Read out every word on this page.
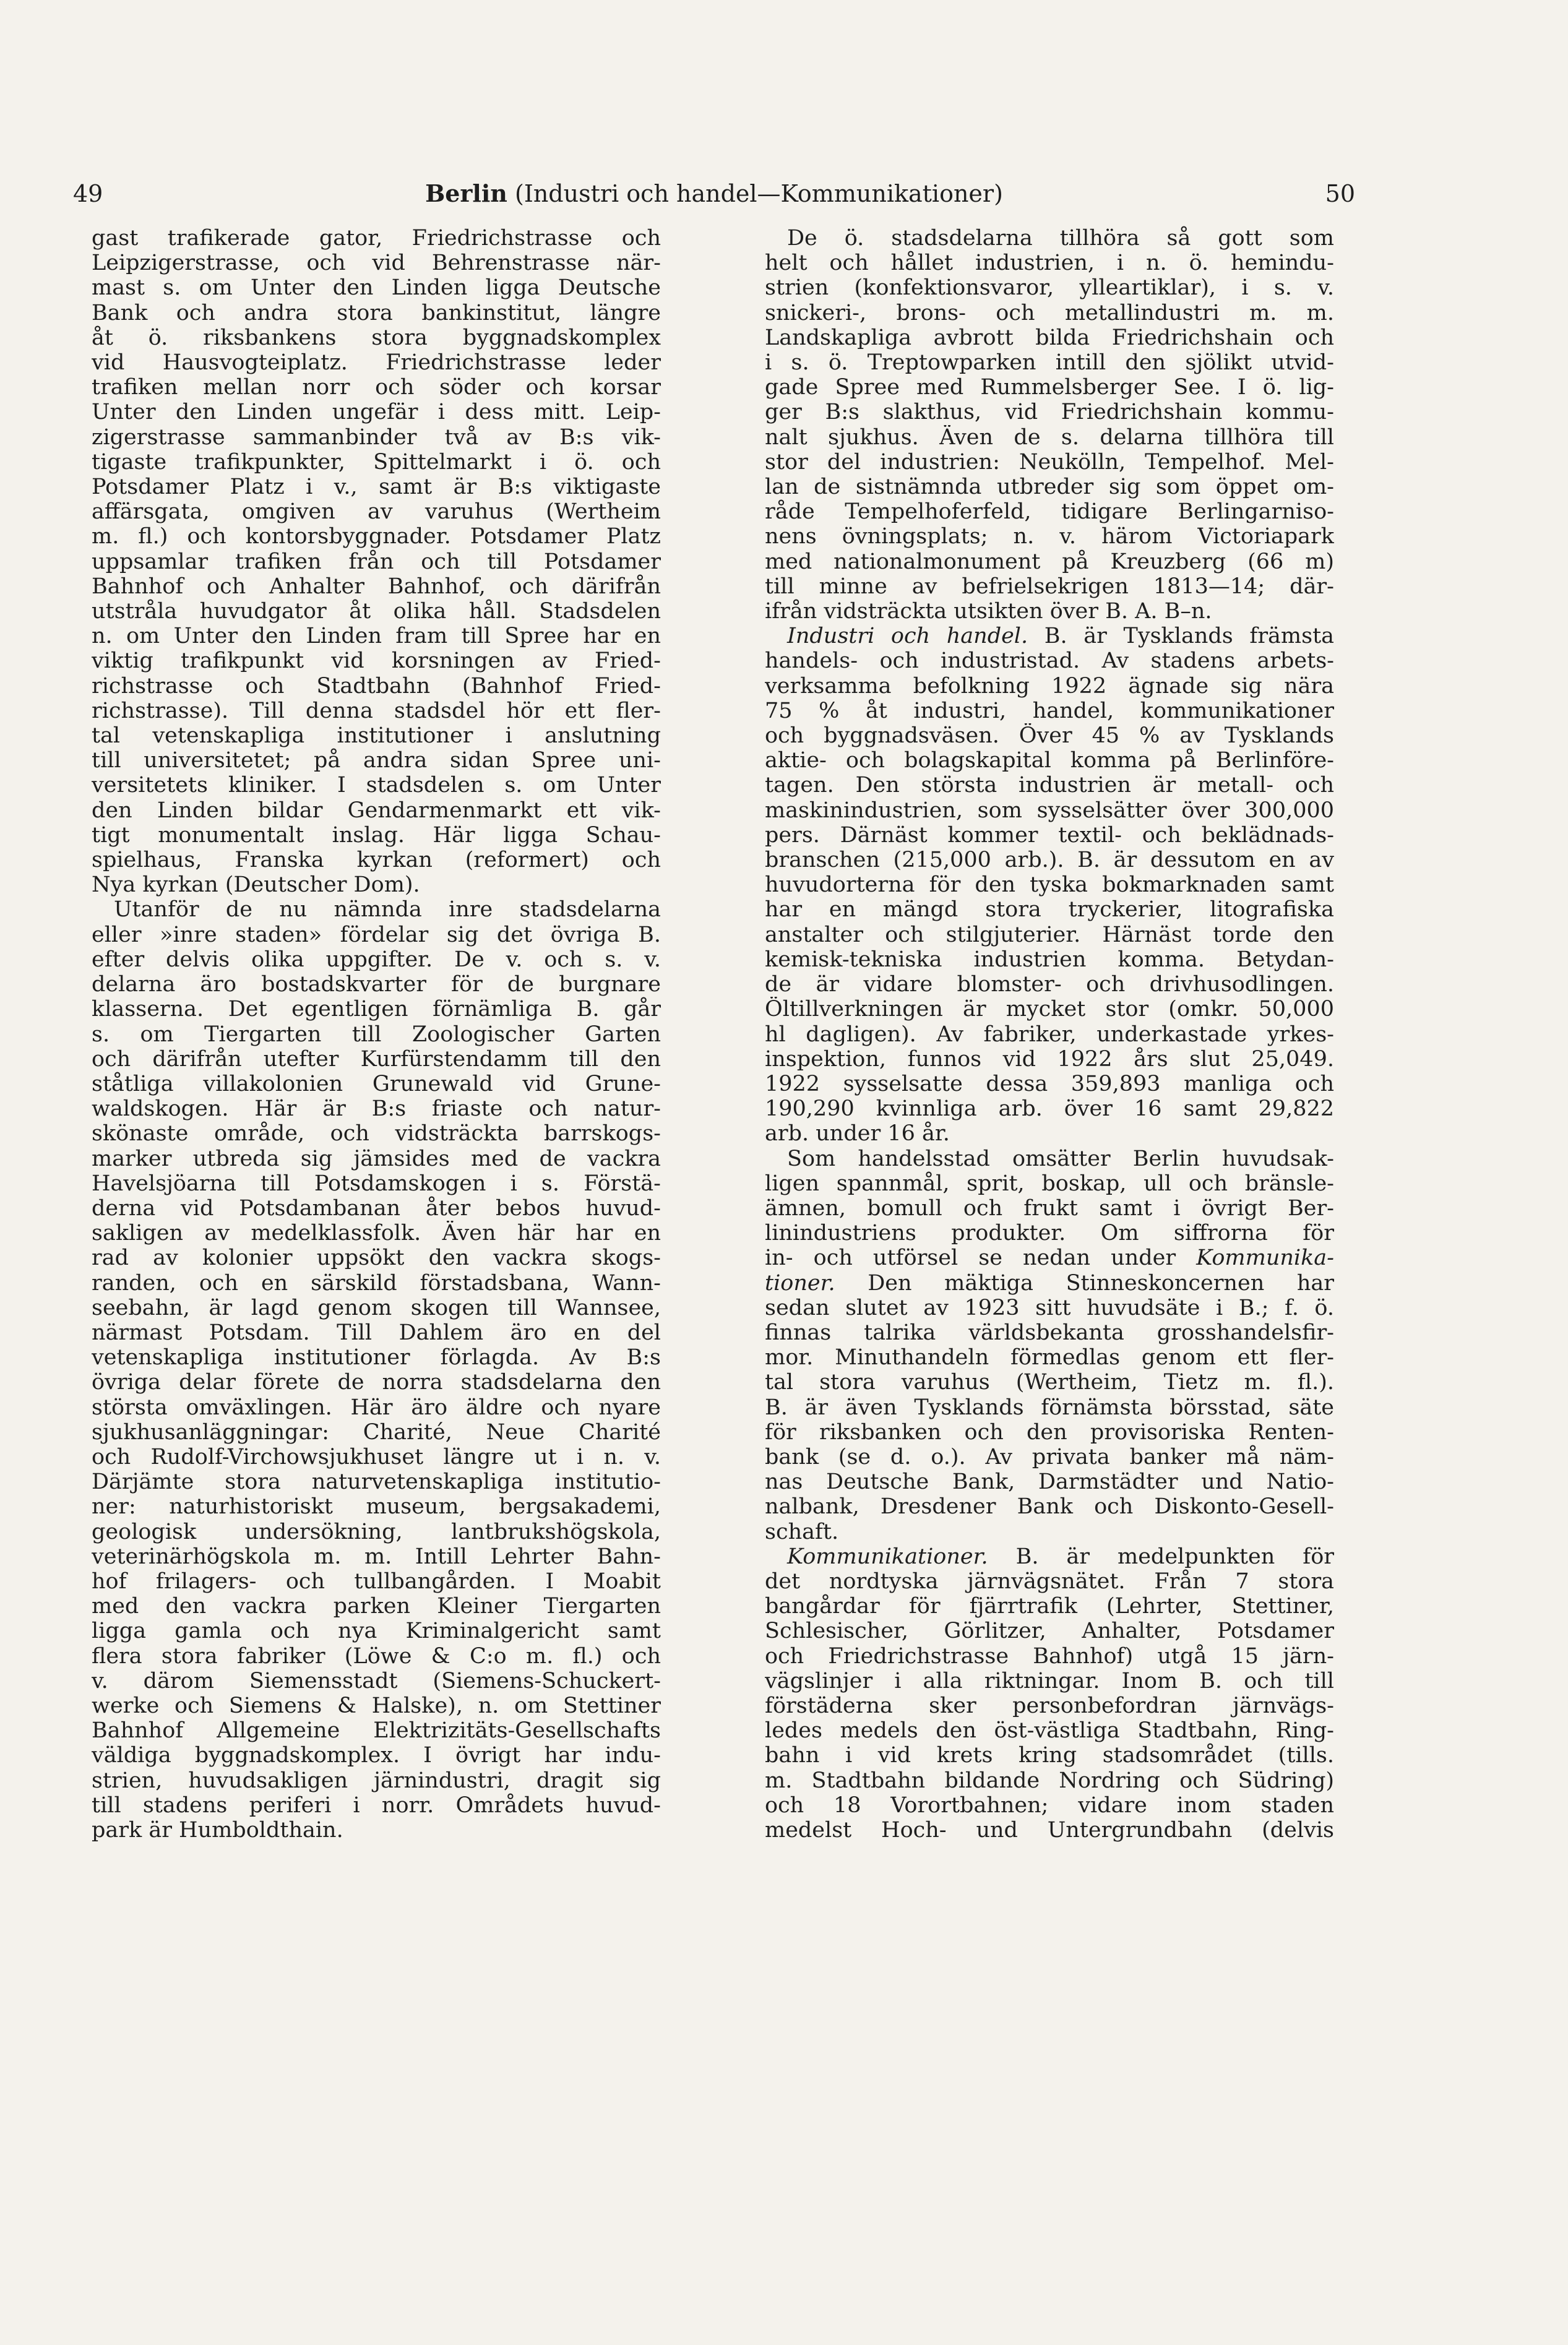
49	Berlin (Industri och handel—Kommunikationer)	50
gast trafikerade gator, Friedrichstrasse och
Leipzigerstrasse, och vid Behrenstrasse när-
mast s. om Unter den Linden ligga Deutsche
Bank och andra stora bankinstitut, längre
åt ö. riksbankens stora byggnadskomplex
vid Hausvogteiplatz. Friedrichstrasse leder
trafiken mellan norr och söder och korsar
Unter den Linden ungefär i dess mitt. Leip-
zigerstrasse sammanbinder två av B:s vik-
tigaste trafikpunkter, Spittelmarkt i ö. och
Potsdamer Platz i v., samt är B:s viktigaste
affärsgata, omgiven av varuhus (Wertheim
m. fl.) och kontorsbyggnader. Potsdamer Platz
uppsamlar trafiken från och till Potsdamer
Bahnhof och Anhalter Bahnhof, och därifrån
utstråla huvudgator åt olika håll. Stadsdelen
n. om Unter den Linden fram till Spree har en
viktig trafikpunkt vid korsningen av Fried-
richstrasse och Stadtbahn (Bahnhof Fried-
richstrasse). Till denna stadsdel hör ett fler-
tal vetenskapliga institutioner i anslutning
till universitetet; på andra sidan Spree uni-
versitetets kliniker. I stadsdelen s. om Unter
den Linden bildar Gendarmenmarkt ett vik-
tigt monumentalt inslag. Här ligga Schau-
spielhaus, Franska kyrkan (reformert) och
Nya kyrkan (Deutscher Dom).
Utanför de nu nämnda inre stadsdelarna
eller »inre staden» fördelar sig det övriga B.
efter delvis olika uppgifter. De v. och s. v.
delarna äro bostadskvarter för de burgnare
klasserna. Det egentligen förnämliga B. går
s. om Tiergarten till Zoologischer Garten
och därifrån utefter Kurfürstendamm till den
ståtliga villakolonien Grunewald vid Grune-
waldskogen. Här är B:s friaste och natur-
skönaste område, och vidsträckta barrskogs-
marker utbreda sig jämsides med de vackra
Havelsjöarna till Potsdamskogen i s. Förstä-
derna vid Potsdambanan åter bebos huvud-
sakligen av medelklassfolk. Även här har en
rad av kolonier uppsökt den vackra skogs-
randen, och en särskild förstadsbana, Wann-
seebahn, är lagd genom skogen till Wannsee,
närmast Potsdam. Till Dahlem äro en del
vetenskapliga institutioner förlagda. Av B:s
övriga delar förete de norra stadsdelarna den
största omväxlingen. Här äro äldre och nyare
sjukhusanläggningar: Charité, Neue Charité
och Rudolf-Virchowsjukhuset längre ut i n. v.
Därjämte stora naturvetenskapliga institutio-
ner: naturhistoriskt museum, bergsakademi,
geologisk undersökning, lantbrukshögskola,
veterinärhögskola m. m. Intill Lehrter Bahn-
hof frilagers- och tullbangården. I Moabit
med den vackra parken Kleiner Tiergarten
ligga gamla och nya Kriminalgericht samt
flera stora fabriker (Löwe & C:o m. fl.) och
v. därom Siemensstadt (Siemens-Schuckert-
werke och Siemens & Halske), n. om Stettiner
Bahnhof Allgemeine Elektrizitäts-Gesellschafts
väldiga byggnadskomplex. I övrigt har indu-
strien, huvudsakligen järnindustri, dragit sig
till stadens periferi i norr. Områdets huvud-
park är Humboldthain.
De ö. stadsdelarna tillhöra så gott som
helt och hållet industrien, i n. ö. hemindu-
strien (konfektionsvaror, ylleartiklar), i s. v.
snickeri-, brons- och metallindustri m. m.
Landskapliga avbrott bilda Friedrichshain och
i s. ö. Treptowparken intill den sjölikt utvid-
gade Spree med Rummelsberger See. I ö. lig-
ger B:s slakthus, vid Friedrichshain kommu-
nalt sjukhus. Även de s. delarna tillhöra till
stor del industrien: Neukölln, Tempelhof. Mel-
lan de sistnämnda utbreder sig som öppet om-
råde Tempelhoferfeld, tidigare Berlingarniso-
nens övningsplats; n. v. härom Victoriapark
med nationalmonument på Kreuzberg (66 m)
till minne av befrielsekrigen 1813—14; där-
ifrån vidsträckta utsikten över B. A. B–n.
Industri och handel. B. är Tysklands främsta
handels- och industristad. Av stadens arbets-
verksamma befolkning 1922 ägnade sig nära
75 % åt industri, handel, kommunikationer
och byggnadsväsen. Över 45 % av Tysklands
aktie- och bolagskapital komma på Berlinföre-
tagen. Den största industrien är metall- och
maskinindustrien, som sysselsätter över 300,000
pers. Därnäst kommer textil- och beklädnads-
branschen (215,000 arb.). B. är dessutom en av
huvudorterna för den tyska bokmarknaden samt
har en mängd stora tryckerier, litografiska
anstalter och stilgjuterier. Härnäst torde den
kemisk-tekniska industrien komma. Betydan-
de är vidare blomster- och drivhusodlingen.
Öltillverkningen är mycket stor (omkr. 50,000
hl dagligen). Av fabriker, underkastade yrkes-
inspektion, funnos vid 1922 års slut 25,049.
1922 sysselsatte dessa 359,893 manliga och
190,290 kvinnliga arb. över 16 samt 29,822
arb. under 16 år.
Som handelsstad omsätter Berlin huvudsak-
ligen spannmål, sprit, boskap, ull och bränsle-
ämnen, bomull och frukt samt i övrigt Ber-
linindustriens produkter. Om siffrorna för
in- och utförsel se nedan under Kommunika-
tioner. Den mäktiga Stinneskoncernen har
sedan slutet av 1923 sitt huvudsäte i B.; f. ö.
finnas talrika världsbekanta grosshandelsfir-
mor. Minuthandeln förmedlas genom ett fler-
tal stora varuhus (Wertheim, Tietz m. fl.).
B. är även Tysklands förnämsta börsstad, säte
för riksbanken och den provisoriska Renten-
bank (se d. o.). Av privata banker må näm-
nas Deutsche Bank, Darmstädter und Natio-
nalbank, Dresdener Bank och Diskonto-Gesell-
schaft.
Kommunikationer. B. är medelpunkten för
det nordtyska järnvägsnätet. Från 7 stora
bangårdar för fjärrtrafik (Lehrter, Stettiner,
Schlesischer, Görlitzer, Anhalter, Potsdamer
och Friedrichstrasse Bahnhof) utgå 15 järn-
vägslinjer i alla riktningar. Inom B. och till
förstäderna sker personbefordran järnvägs-
ledes medels den öst-västliga Stadtbahn, Ring-
bahn i vid krets kring stadsområdet (tills.
m. Stadtbahn bildande Nordring och Südring)
och 18 Vorortbahnen; vidare inom staden
medelst Hoch- und Untergrundbahn (delvis
